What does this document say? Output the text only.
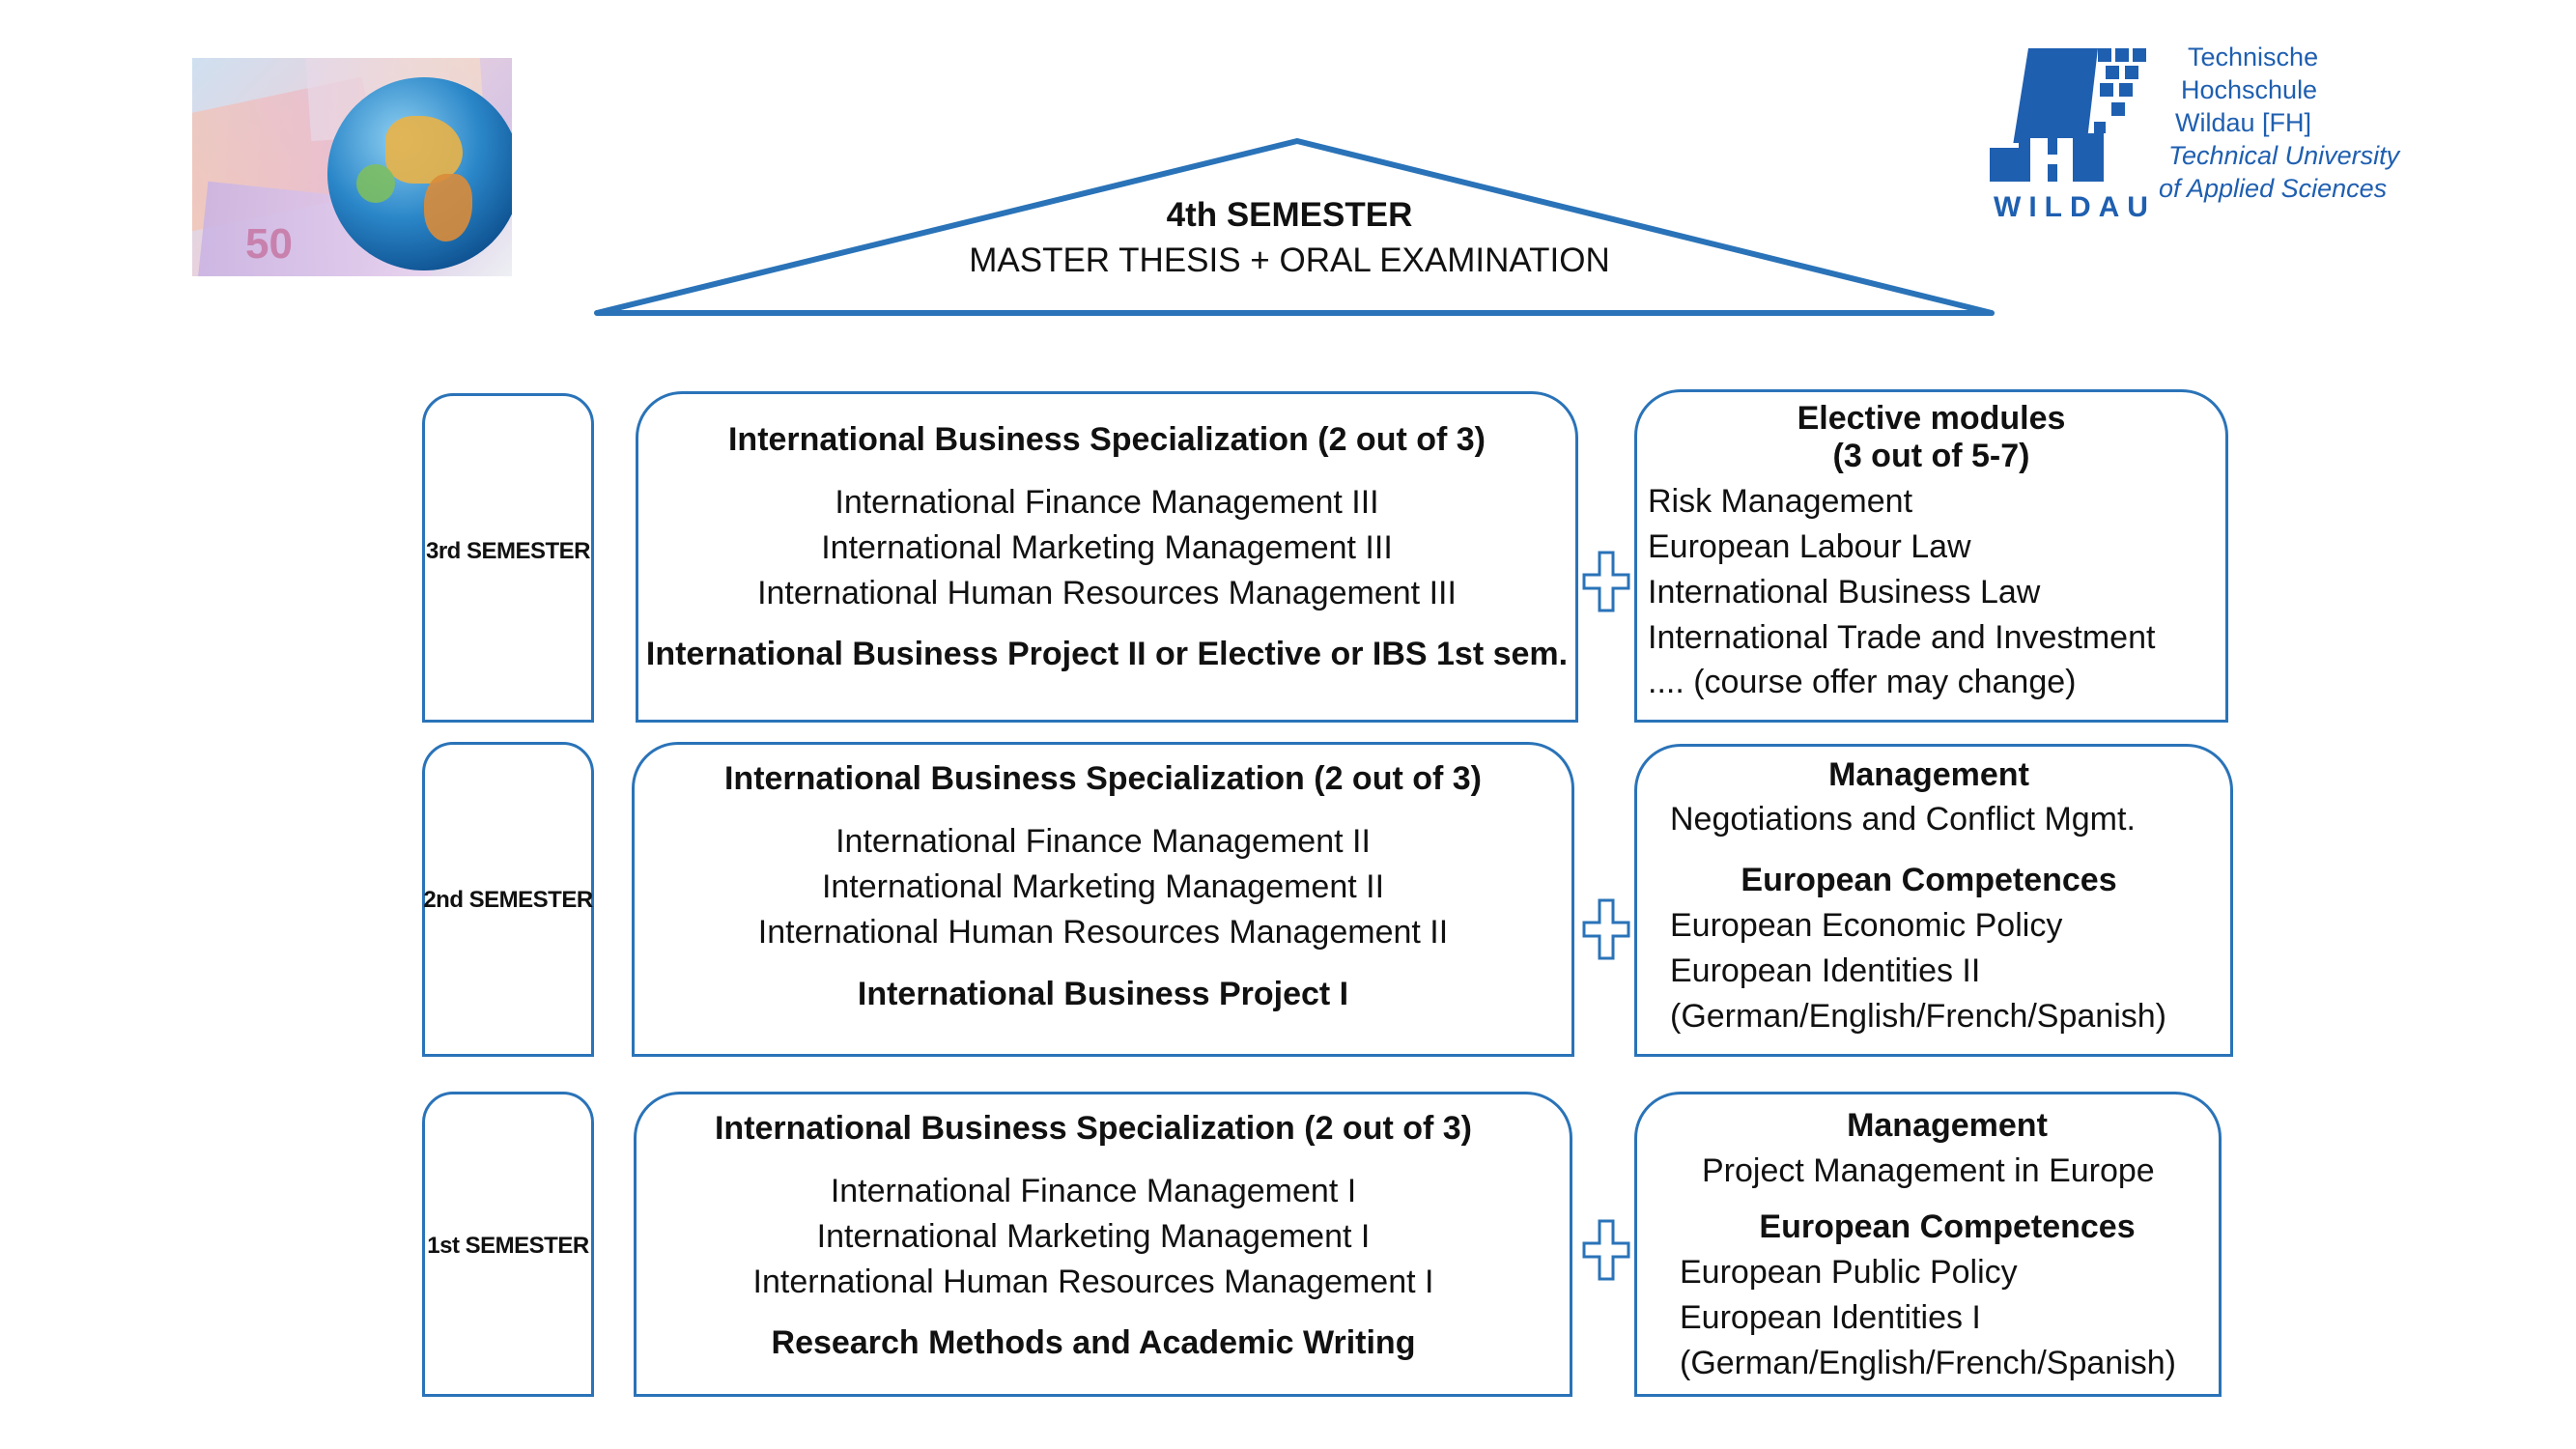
50
WILDAU
Technische
Hochschule
Wildau [FH]
Technical University
of Applied Sciences
4th SEMESTER
MASTER THESIS + ORAL EXAMINATION
3rd SEMESTER
International Business Specialization (2 out of 3)
International Finance Management III
International Marketing Management III
International Human Resources Management III
International Business Project II or Elective or IBS 1st sem.
Elective modules
(3 out of 5-7)
Risk Management
European Labour Law
International Business Law
International Trade and Investment
.... (course offer may change)
2nd SEMESTER
International Business Specialization (2 out of 3)
International Finance Management II
International Marketing Management II
International Human Resources Management II
International Business Project I
Management
Negotiations and Conflict Mgmt.
European Competences
European Economic Policy
European Identities II
(German/English/French/Spanish)
1st SEMESTER
International Business Specialization (2 out of 3)
International Finance Management I
International Marketing Management I
International Human Resources Management I
Research Methods and Academic Writing
Management
Project Management in Europe
European Competences
European Public Policy
European Identities I
(German/English/French/Spanish)
